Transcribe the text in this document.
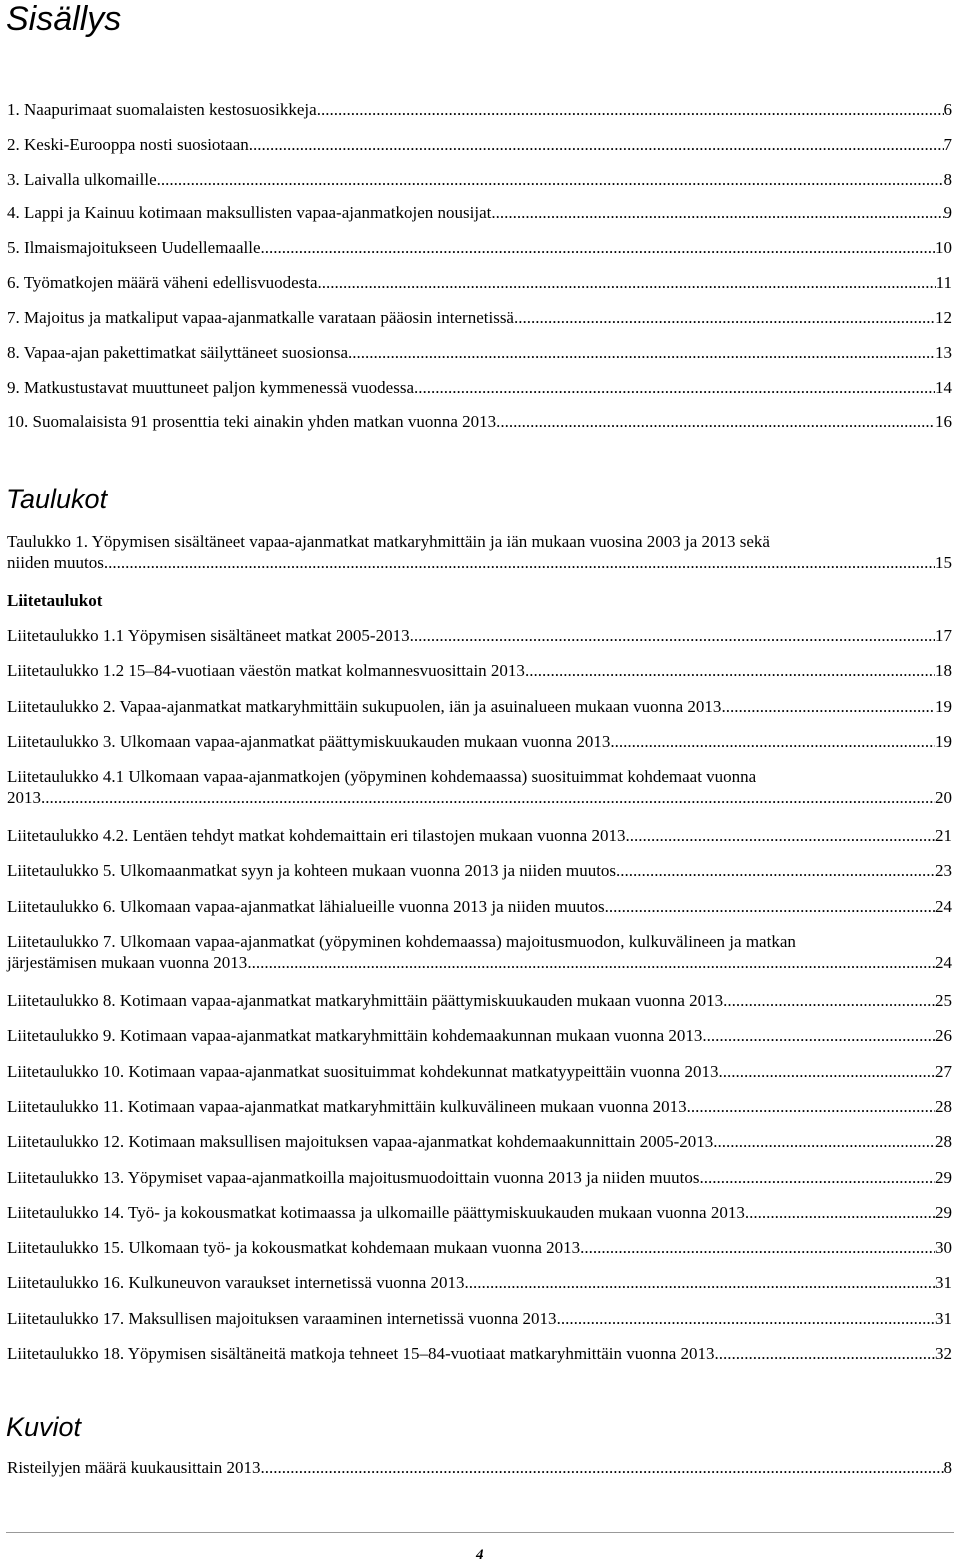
Sisällys
1. Naapurimaat suomalaisten kestosuosikkeja .....	6
2. Keski-Eurooppa nosti suosiotaan .....	7
3. Laivalla ulkomaille .....	8
4. Lappi ja Kainuu kotimaan maksullisten vapaa-ajanmatkojen nousijat .....	9
5. Ilmaismajoitukseen Uudellemaalle .....	10
6. Työmatkojen määrä väheni edellisvuodesta .....	11
7. Majoitus ja matkaliput vapaa-ajanmatkalle varataan pääosin internetissä .....	12
8. Vapaa-ajan pakettimatkat säilyttäneet suosionsa .....	13
9. Matkustustavat muuttuneet paljon kymmenessä vuodessa .....	14
10. Suomalaisista 91 prosenttia teki ainakin yhden matkan vuonna 2013 .....	16
Taulukot
Taulukko 1. Yöpymisen sisältäneet vapaa-ajanmatkat matkaryhmittäin ja iän mukaan vuosina 2003 ja 2013 sekä
niiden muutos .....	15
Liitetaulukot
Liitetaulukko 1.1 Yöpymisen sisältäneet matkat 2005-2013 .....	17
Liitetaulukko 1.2 15–84-vuotiaan väestön matkat kolmannesvuosittain 2013 .....	18
Liitetaulukko 2. Vapaa-ajanmatkat matkaryhmittäin sukupuolen, iän ja asuinalueen mukaan vuonna 2013 .....	19
Liitetaulukko 3. Ulkomaan vapaa-ajanmatkat päättymiskuukauden mukaan vuonna 2013 .....	19
Liitetaulukko 4.1 Ulkomaan vapaa-ajanmatkojen (yöpyminen kohdemaassa) suosituimmat kohdemaat vuonna
2013 .....	20
Liitetaulukko 4.2. Lentäen tehdyt matkat kohdemaittain eri tilastojen mukaan vuonna 2013 .....	21
Liitetaulukko 5. Ulkomaanmatkat syyn ja kohteen mukaan vuonna 2013 ja niiden muutos .....	23
Liitetaulukko 6. Ulkomaan vapaa-ajanmatkat lähialueille vuonna 2013 ja niiden muutos .....	24
Liitetaulukko 7. Ulkomaan vapaa-ajanmatkat (yöpyminen kohdemaassa) majoitusmuodon, kulkuvälineen ja matkan
järjestämisen mukaan vuonna 2013 .....	24
Liitetaulukko 8. Kotimaan vapaa-ajanmatkat matkaryhmittäin päättymiskuukauden mukaan vuonna 2013 .....	25
Liitetaulukko 9. Kotimaan vapaa-ajanmatkat matkaryhmittäin kohdemaakunnan mukaan vuonna 2013 .....	26
Liitetaulukko 10. Kotimaan vapaa-ajanmatkat suosituimmat kohdekunnat matkatyypeittäin vuonna 2013 .....	27
Liitetaulukko 11. Kotimaan vapaa-ajanmatkat matkaryhmittäin kulkuvälineen mukaan vuonna 2013 .....	28
Liitetaulukko 12. Kotimaan maksullisen majoituksen vapaa-ajanmatkat kohdemaakunnittain 2005-2013 .....	28
Liitetaulukko 13. Yöpymiset vapaa-ajanmatkoilla majoitusmuodoittain vuonna 2013 ja niiden muutos .....	29
Liitetaulukko 14. Työ- ja kokousmatkat kotimaassa ja ulkomaille päättymiskuukauden mukaan vuonna 2013 .....	29
Liitetaulukko 15. Ulkomaan työ- ja kokousmatkat kohdemaan mukaan vuonna 2013 .....	30
Liitetaulukko 16. Kulkuneuvon varaukset internetissä vuonna 2013 .....	31
Liitetaulukko 17. Maksullisen majoituksen varaaminen internetissä vuonna 2013 .....	31
Liitetaulukko 18. Yöpymisen sisältäneitä matkoja tehneet 15–84-vuotiaat matkaryhmittäin vuonna 2013 .....	32
Kuviot
Risteilyjen määrä kuukausittain 2013 .....	8
4
